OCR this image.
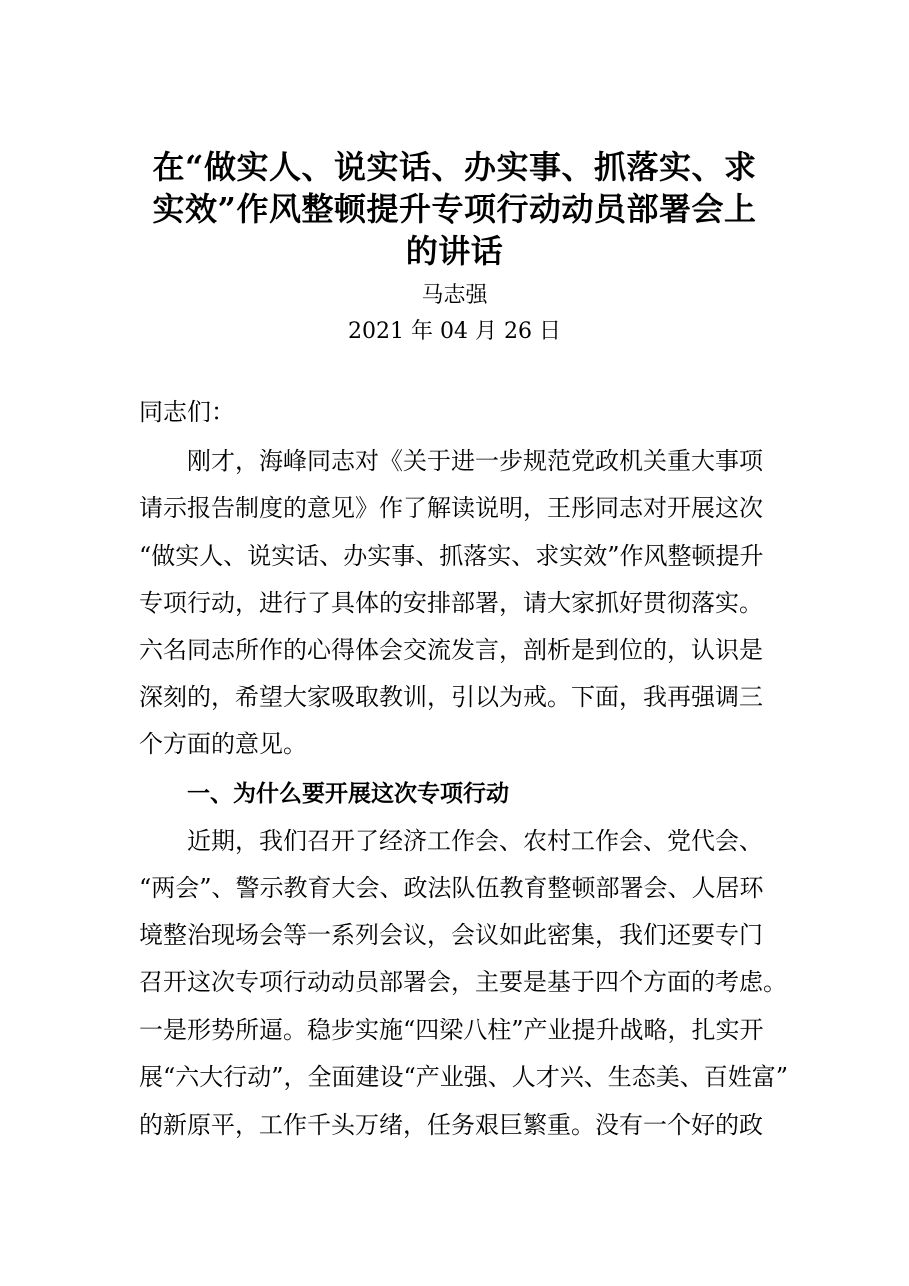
在“做实人、说实话、办实事、抓落实、求
实效”作风整顿提升专项行动动员部署会上
的讲话
马志强
2021 年 04 月 26 日
同志们：
刚才，海峰同志对《关于进一步规范党政机关重大事项
请示报告制度的意见》作了解读说明，王彤同志对开展这次
“做实人、说实话、办实事、抓落实、求实效”作风整顿提升
专项行动，进行了具体的安排部署，请大家抓好贯彻落实。
六名同志所作的心得体会交流发言，剖析是到位的，认识是
深刻的，希望大家吸取教训，引以为戒。下面，我再强调三
个方面的意见。
一、为什么要开展这次专项行动
近期，我们召开了经济工作会、农村工作会、党代会、
“两会”、警示教育大会、政法队伍教育整顿部署会、人居环
境整治现场会等一系列会议，会议如此密集，我们还要专门
召开这次专项行动动员部署会，主要是基于四个方面的考虑。
一是形势所逼。稳步实施“四梁八柱”产业提升战略，扎实开
展“六大行动”，全面建设“产业强、人才兴、生态美、百姓富”
的新原平，工作千头万绪，任务艰巨繁重。没有一个好的政
